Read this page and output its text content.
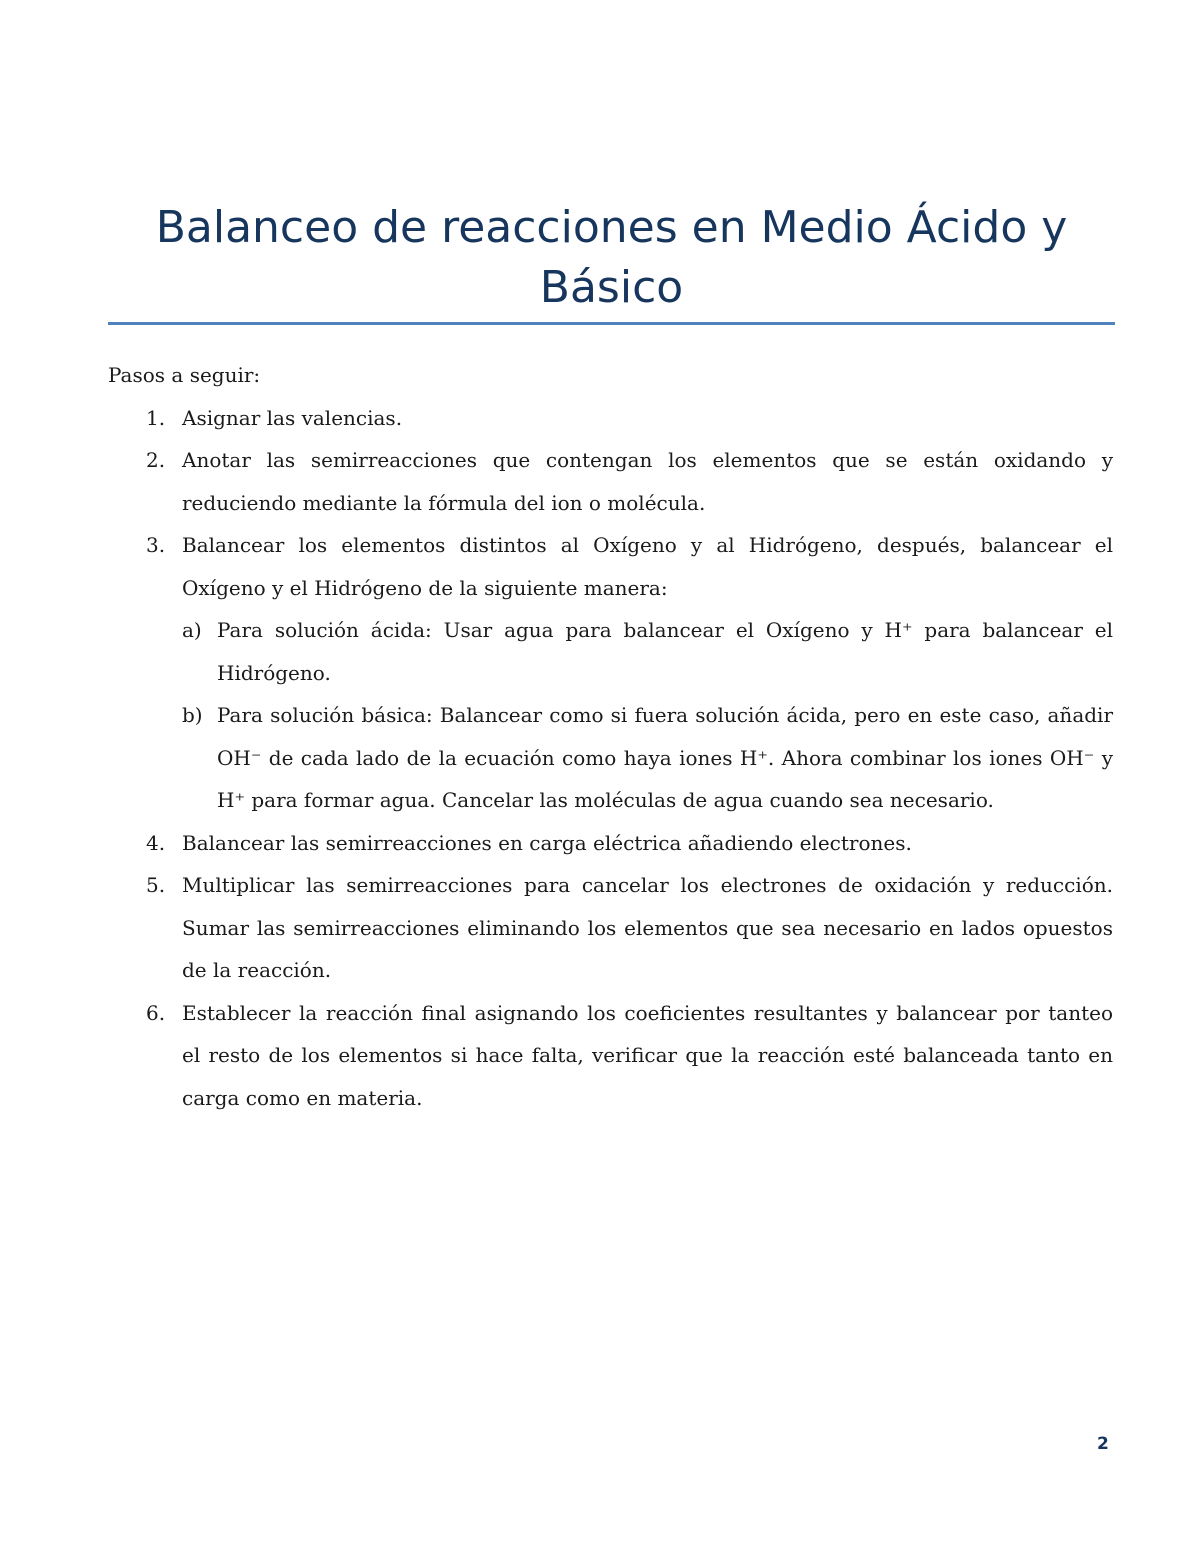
Balanceo de reacciones en Medio Ácido y Básico

Pasos a seguir:

1. Asignar las valencias.
2. Anotar las semirreacciones que contengan los elementos que se están oxidando y reduciendo mediante la fórmula del ion o molécula.
3. Balancear los elementos distintos al Oxígeno y al Hidrógeno, después, balancear el Oxígeno y el Hidrógeno de la siguiente manera:
a) Para solución ácida: Usar agua para balancear el Oxígeno y H⁺ para balancear el Hidrógeno.
b) Para solución básica: Balancear como si fuera solución ácida, pero en este caso, añadir OH⁻ de cada lado de la ecuación como haya iones H⁺. Ahora combinar los iones OH⁻ y H⁺ para formar agua. Cancelar las moléculas de agua cuando sea necesario.
4. Balancear las semirreacciones en carga eléctrica añadiendo electrones.
5. Multiplicar las semirreacciones para cancelar los electrones de oxidación y reducción. Sumar las semirreacciones eliminando los elementos que sea necesario en lados opuestos de la reacción.
6. Establecer la reacción final asignando los coeficientes resultantes y balancear por tanteo el resto de los elementos si hace falta, verificar que la reacción esté balanceada tanto en carga como en materia.
2
